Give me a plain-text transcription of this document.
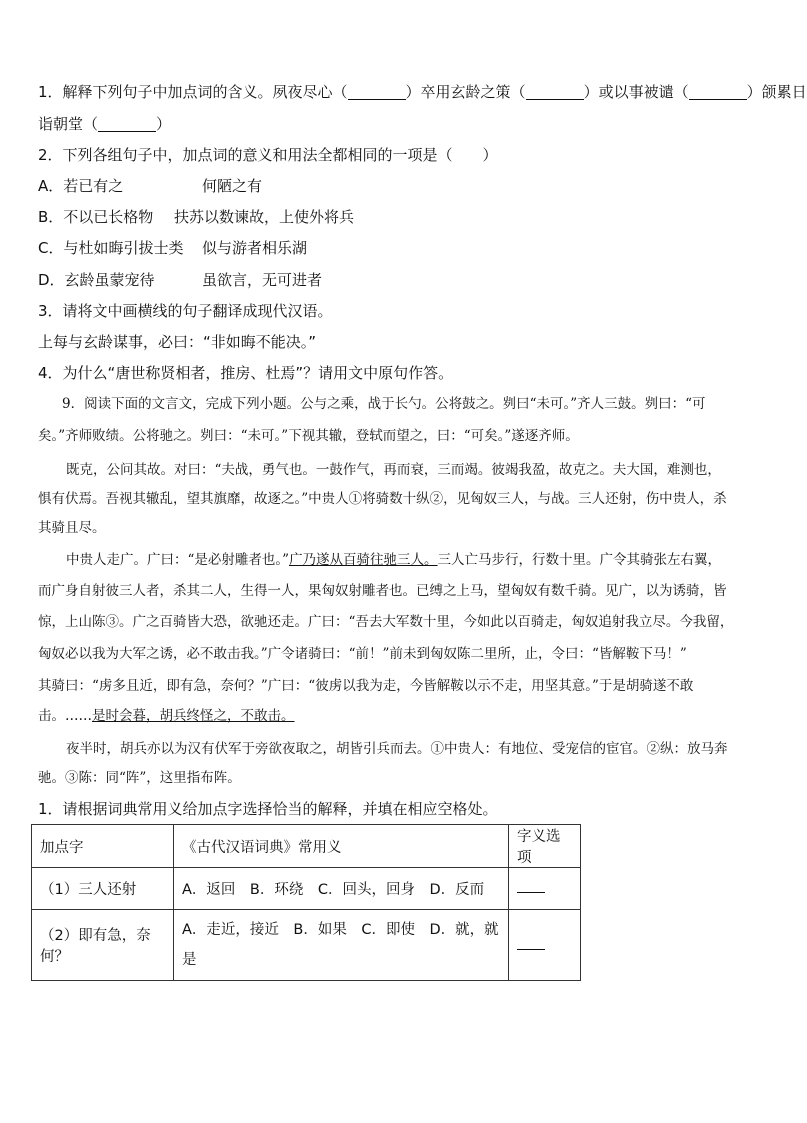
1．解释下列句子中加点词的含义。夙夜尽心（	）卒用玄龄之策（	）或以事被谴（	）颌累日
诣朝堂（	）
2．下列各组句子中，加点词的意义和用法全都相同的一项是（　　）
A．若已有之	何陋之有
B．不以已长格物 扶苏以数谏故，上使外将兵
C．与杜如晦引拔士类 似与游者相乐湖
D．玄龄虽蒙宠待	虽欲言，无可进者
3．请将文中画横线的句子翻译成现代汉语。
上每与玄龄谋事，必曰：“非如晦不能决。”
4．为什么“唐世称贤相者，推房、杜焉”？请用文中原句作答。
9．阅读下面的文言文，完成下列小题。公与之乘，战于长勺。公将鼓之。刿曰“未可。”齐人三鼓。刿曰：“可
矣。”齐师败绩。公将驰之。刿曰：“未可。”下视其辙，登轼而望之，曰：“可矣。”遂逐齐师。
既克，公问其故。对曰：“夫战，勇气也。一鼓作气，再而衰，三而竭。彼竭我盈，故克之。夫大国，难测也，
惧有伏焉。吾视其辙乱，望其旗靡，故逐之。”中贵人①将骑数十纵②，见匈奴三人，与战。三人还射，伤中贵人，杀
其骑且尽。
中贵人走广。广曰：“是必射雕者也。”广乃遂从百骑往驰三人。三人亡马步行，行数十里。广令其骑张左右翼，
而广身自射彼三人者，杀其二人，生得一人，果匈奴射雕者也。已缚之上马，望匈奴有数千骑。见广，以为诱骑，皆
惊，上山陈③。广之百骑皆大恐，欲驰还走。广曰：“吾去大军数十里，今如此以百骑走，匈奴追射我立尽。今我留，
匈奴必以我为大军之诱，必不敢击我。”广令诸骑曰：“前！”前未到匈奴陈二里所，止，令曰：“皆解鞍下马！”
其骑曰：“虏多且近，即有急，奈何？”广曰：“彼虏以我为走，今皆解鞍以示不走，用坚其意。”于是胡骑遂不敢
击。……是时会暮，胡兵终怪之，不敢击。
夜半时，胡兵亦以为汉有伏军于旁欲夜取之，胡皆引兵而去。①中贵人：有地位、受宠信的宦官。②纵：放马奔
驰。③陈：同“阵”，这里指布阵。
1．请根据词典常用义给加点字选择恰当的解释，并填在相应空格处。
加点字	《古代汉语词典》常用义	字义选项
（1）三人还射	A．返回　B．环绕　C．回头，回身　D．反而	
（2）即有急，奈何？	A．走近，接近　B．如果　C．即使　D．就，就
是	
